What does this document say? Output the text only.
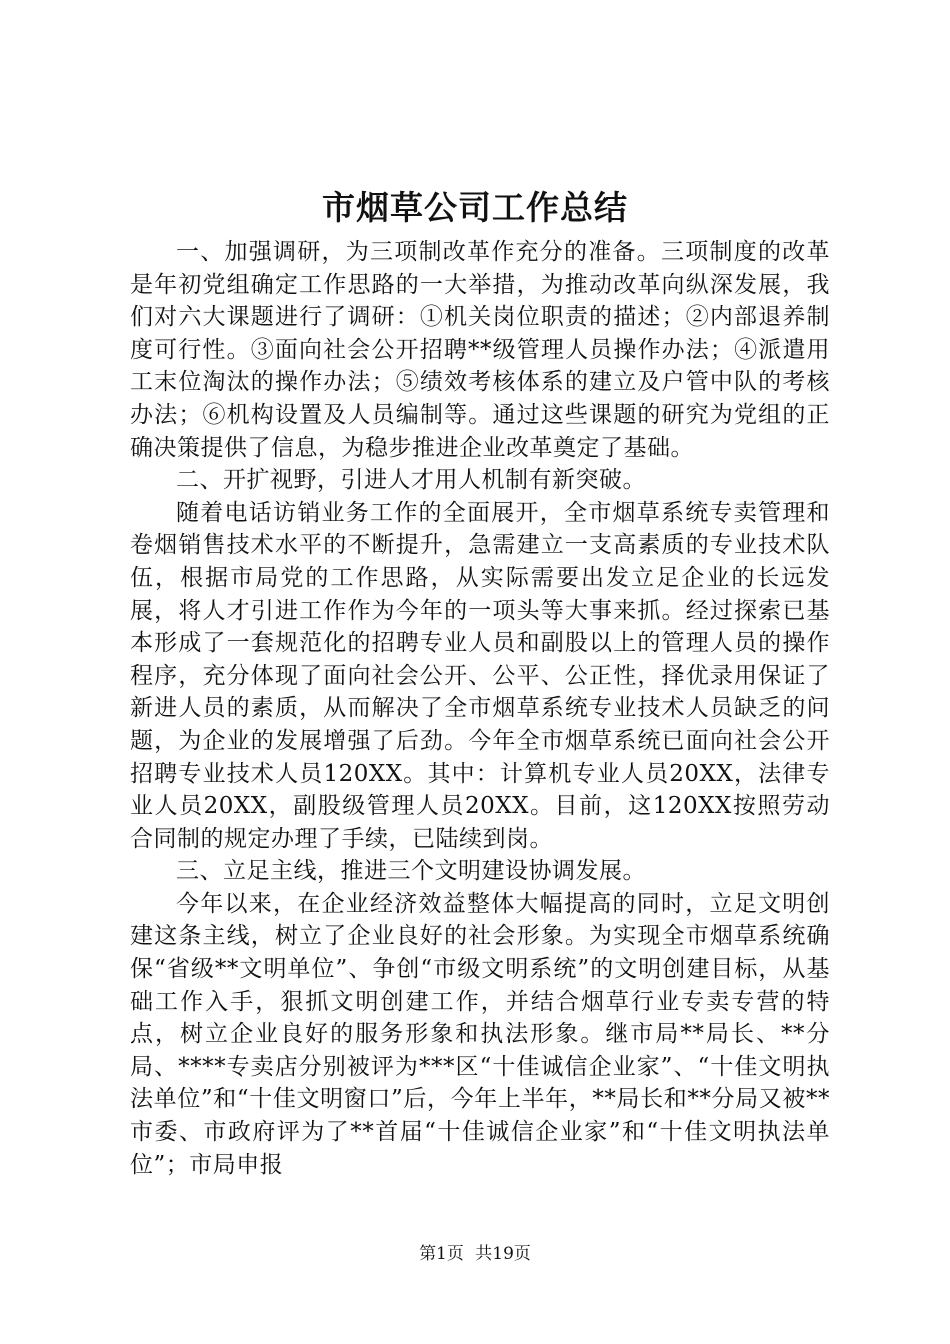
市烟草公司工作总结

一、加强调研，为三项制改革作充分的准备。三项制度的改革是年初党组确定工作思路的一大举措，为推动改革向纵深发展，我们对六大课题进行了调研：①机关岗位职责的描述；②内部退养制度可行性。③面向社会公开招聘**级管理人员操作办法；④派遣用工末位淘汰的操作办法；⑤绩效考核体系的建立及户管中队的考核办法；⑥机构设置及人员编制等。通过这些课题的研究为党组的正确决策提供了信息，为稳步推进企业改革奠定了基础。

二、开扩视野，引进人才用人机制有新突破。

随着电话访销业务工作的全面展开，全市烟草系统专卖管理和卷烟销售技术水平的不断提升，急需建立一支高素质的专业技术队伍，根据市局党的工作思路，从实际需要出发立足企业的长远发展，将人才引进工作作为今年的一项头等大事来抓。经过探索已基本形成了一套规范化的招聘专业人员和副股以上的管理人员的操作程序，充分体现了面向社会公开、公平、公正性，择优录用保证了新进人员的素质，从而解决了全市烟草系统专业技术人员缺乏的问题，为企业的发展增强了后劲。今年全市烟草系统已面向社会公开招聘专业技术人员120XX。其中：计算机专业人员20XX，法律专业人员20XX，副股级管理人员20XX。目前，这120XX按照劳动合同制的规定办理了手续，已陆续到岗。

三、立足主线，推进三个文明建设协调发展。

今年以来，在企业经济效益整体大幅提高的同时，立足文明创建这条主线，树立了企业良好的社会形象。为实现全市烟草系统确保“省级**文明单位”、争创“市级文明系统”的文明创建目标，从基础工作入手，狠抓文明创建工作，并结合烟草行业专卖专营的特点，树立企业良好的服务形象和执法形象。继市局**局长、**分局、****专卖店分别被评为***区“十佳诚信企业家”、“十佳文明执法单位”和“十佳文明窗口”后，今年上半年，**局长和**分局又被**市委、市政府评为了**首届“十佳诚信企业家”和“十佳文明执法单位”；市局申报

第1页 共19页
